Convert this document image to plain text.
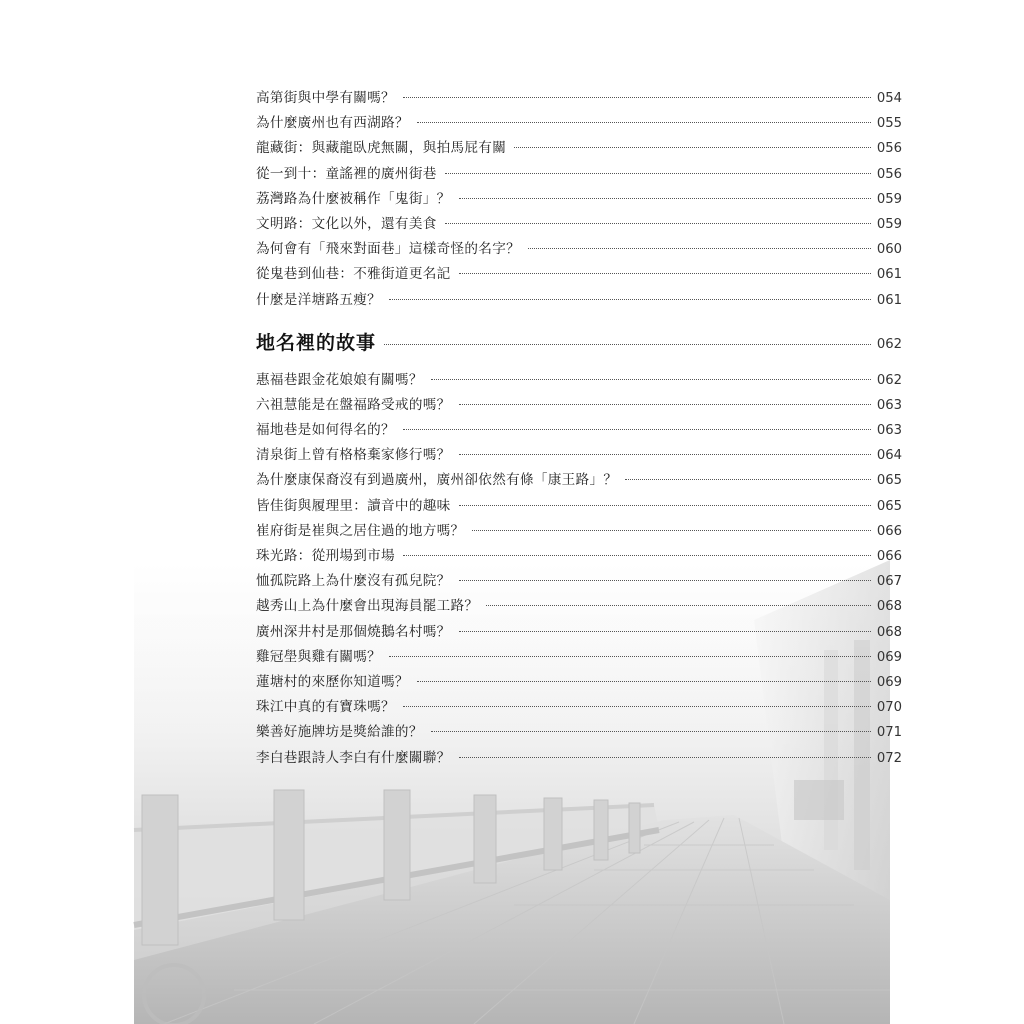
高第街與中學有關嗎？	054
為什麼廣州也有西湖路？	055
龍藏街：與藏龍臥虎無關，與拍馬屁有關	056
從一到十：童謠裡的廣州街巷	056
荔灣路為什麼被稱作「鬼街」？	059
文明路：文化以外，還有美食	059
為何會有「飛來對面巷」這樣奇怪的名字？	060
從鬼巷到仙巷：不雅街道更名記	061
什麼是洋塘路五瘦？	061
地名裡的故事	062
惠福巷跟金花娘娘有關嗎？	062
六祖慧能是在盤福路受戒的嗎？	063
福地巷是如何得名的？	063
清泉街上曾有格格棄家修行嗎？	064
為什麼康保裔沒有到過廣州，廣州卻依然有條「康王路」？	065
皆佳街與履理里：讀音中的趣味	065
崔府街是崔與之居住過的地方嗎？	066
珠光路：從刑場到市場	066
恤孤院路上為什麼沒有孤兒院？	067
越秀山上為什麼會出現海員罷工路？	068
廣州深井村是那個燒鵝名村嗎？	068
雞冠壆與雞有關嗎？	069
蓮塘村的來歷你知道嗎？	069
珠江中真的有寶珠嗎？	070
樂善好施牌坊是獎給誰的？	071
李白巷跟詩人李白有什麼關聯？	072
